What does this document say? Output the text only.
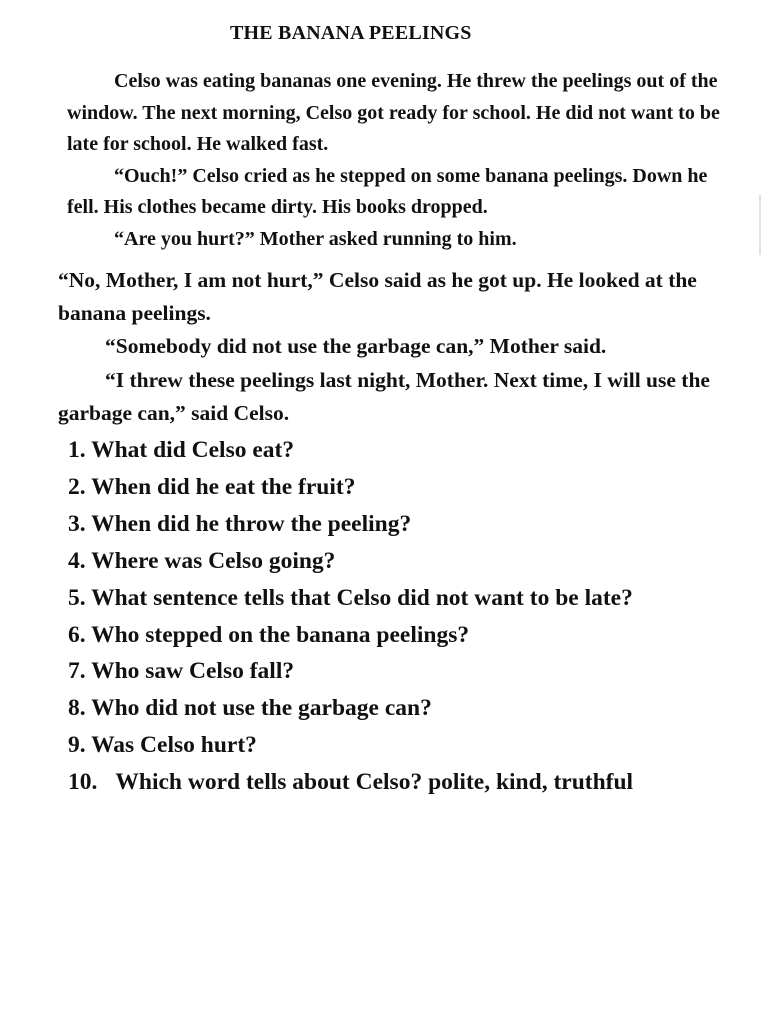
THE BANANA PEELINGS

Celso was eating bananas one evening. He threw the peelings out of the window. The next morning, Celso got ready for school. He did not want to be late for school. He walked fast.

“Ouch!” Celso cried as he stepped on some banana peelings. Down he fell. His clothes became dirty. His books dropped.

“Are you hurt?” Mother asked running to him.

“No, Mother, I am not hurt,” Celso said as he got up. He looked at the banana peelings.

“Somebody did not use the garbage can,” Mother said.

“I threw these peelings last night, Mother. Next time, I will use the garbage can,” said Celso.

1. What did Celso eat?
2. When did he eat the fruit?
3. When did he throw the peeling?
4. Where was Celso going?
5. What sentence tells that Celso did not want to be late?
6. Who stepped on the banana peelings?
7. Who saw Celso fall?
8. Who did not use the garbage can?
9. Was Celso hurt?
10. Which word tells about Celso? polite, kind, truthful
